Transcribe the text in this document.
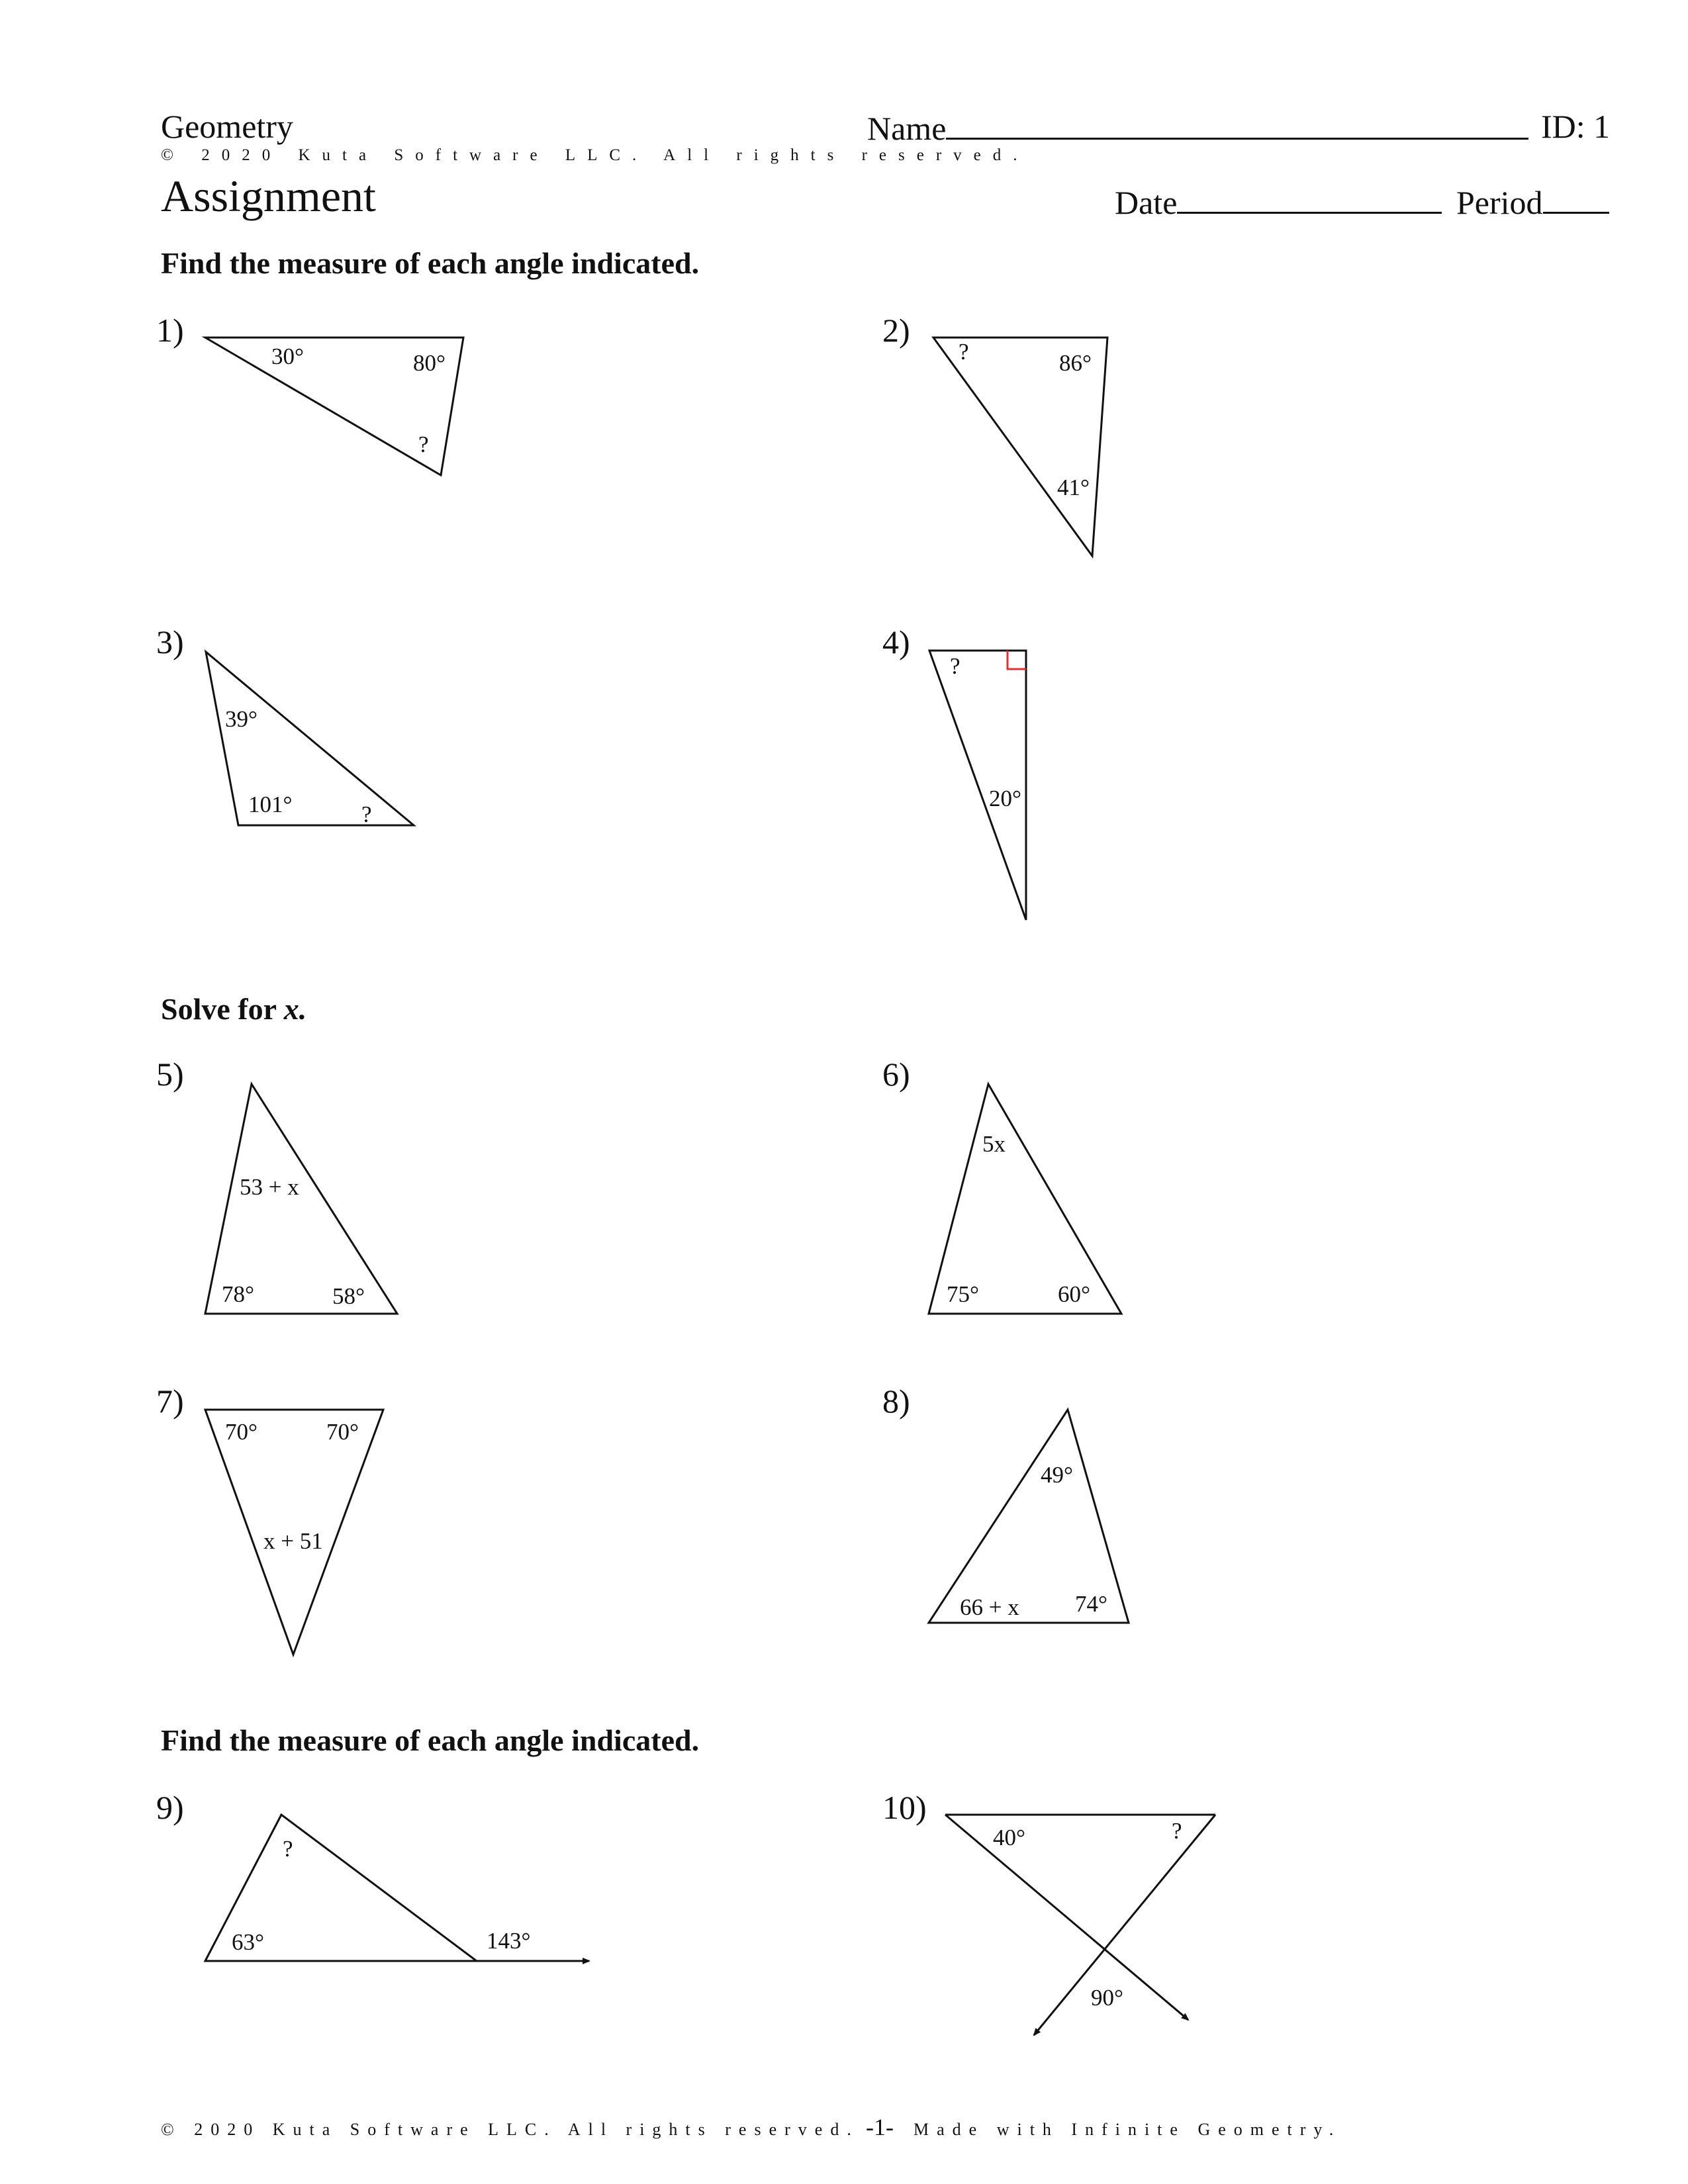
Geometry	Name	ID: 1
© 2020 Kuta Software LLC. All rights reserved.
Assignment	Date	Period
Find the measure of each angle indicated.
Solve for x.
Find the measure of each angle indicated.
1)	2)
3)	4)
5)	6)
7)	8)
9)	10)
30°	80°
?
?	86°
41°
39°
101°	?
?
20°
53 + x
78°	58°
5x
75°	60°
70°	70°
x + 51
49°
66 + x 74°
?
63°	143°
40°	?
90°
© 2020 Kuta Software LLC. All rights reserved. -1- Made with Infinite Geometry.
